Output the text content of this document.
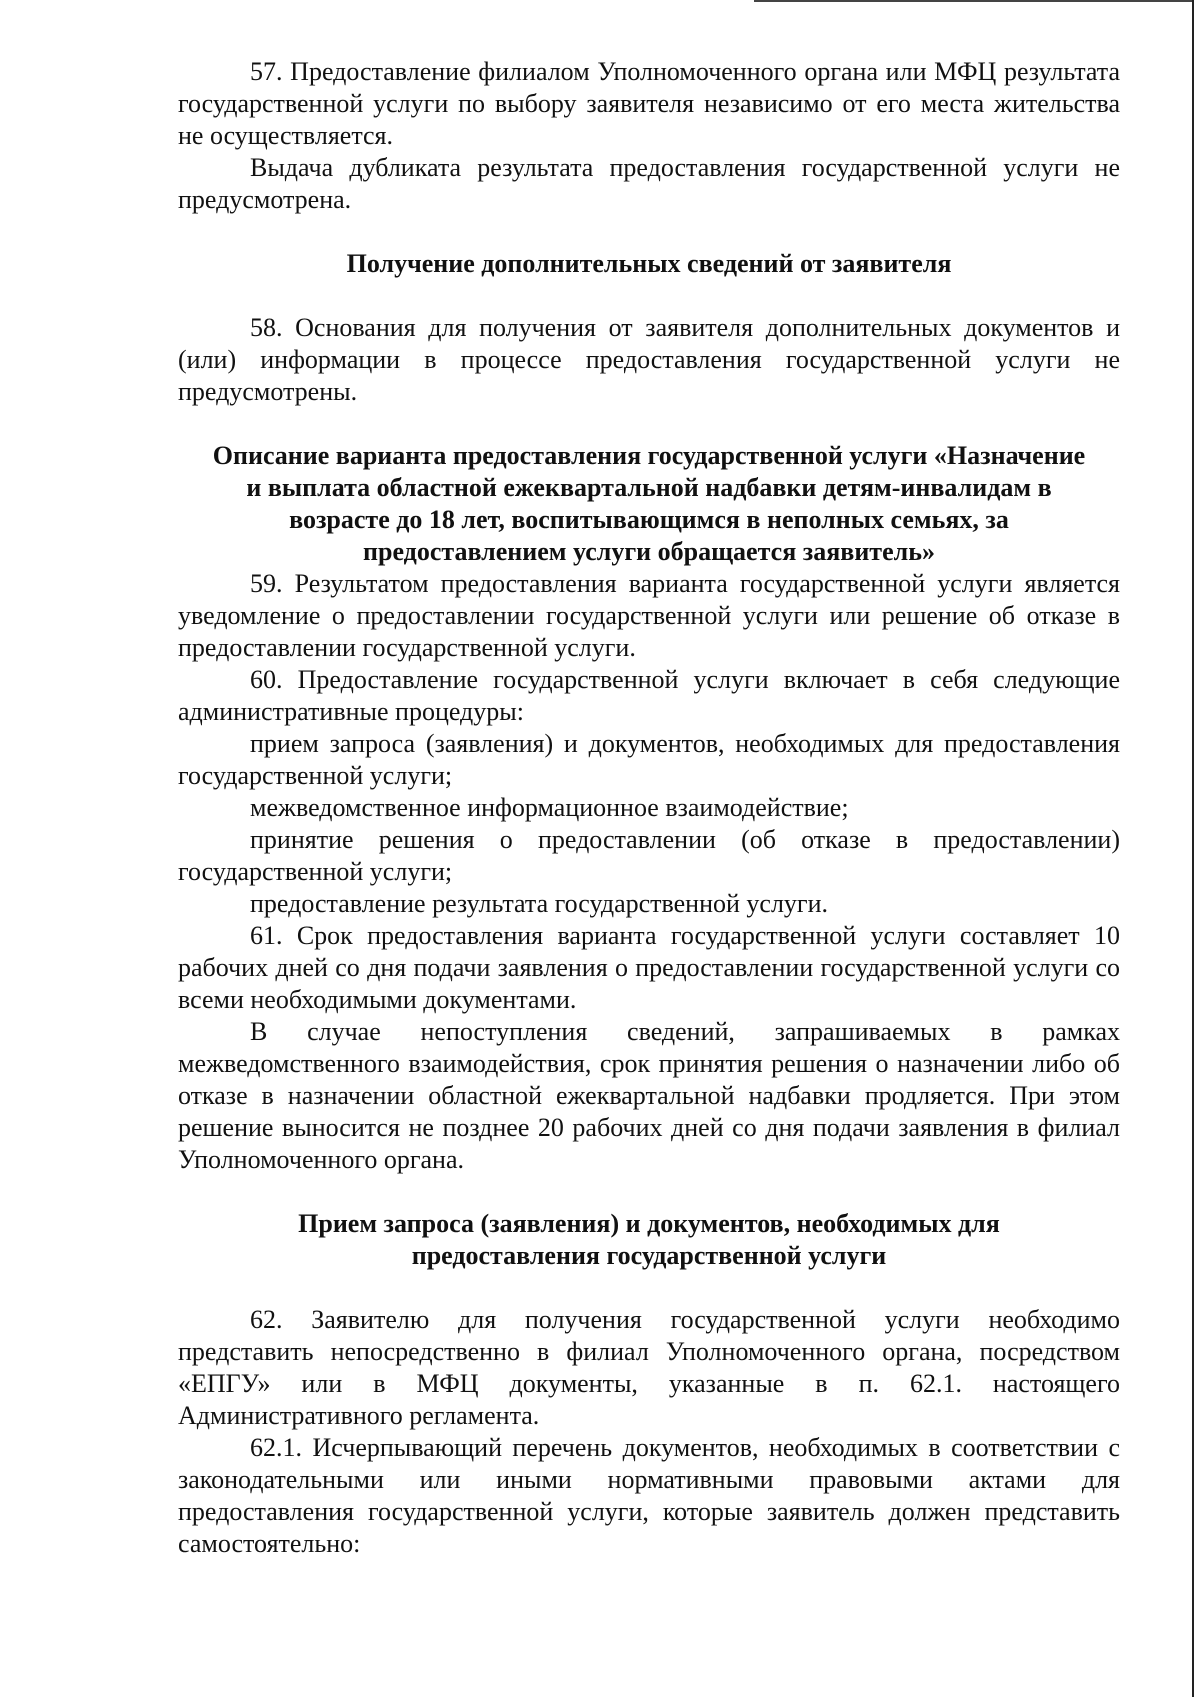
57. Предоставление филиалом Уполномоченного органа или МФЦ результата государственной услуги по выбору заявителя независимо от его места жительства не осуществляется.

Выдача дубликата результата предоставления государственной услуги не предусмотрена.

Получение дополнительных сведений от заявителя

58. Основания для получения от заявителя дополнительных документов и (или) информации в процессе предоставления государственной услуги не предусмотрены.

Описание варианта предоставления государственной услуги «Назначение и выплата областной ежеквартальной надбавки детям-инвалидам в возрасте до 18 лет, воспитывающимся в неполных семьях, за предоставлением услуги обращается заявитель»

59. Результатом предоставления варианта государственной услуги является уведомление о предоставлении государственной услуги или решение об отказе в предоставлении государственной услуги.

60. Предоставление государственной услуги включает в себя следующие административные процедуры:

прием запроса (заявления) и документов, необходимых для предоставления государственной услуги;

межведомственное информационное взаимодействие;

принятие решения о предоставлении (об отказе в предоставлении) государственной услуги;

предоставление результата государственной услуги.

61. Срок предоставления варианта государственной услуги составляет 10 рабочих дней со дня подачи заявления о предоставлении государственной услуги со всеми необходимыми документами.

В случае непоступления сведений, запрашиваемых в рамках межведомственного взаимодействия, срок принятия решения о назначении либо об отказе в назначении областной ежеквартальной надбавки продляется. При этом решение выносится не позднее 20 рабочих дней со дня подачи заявления в филиал Уполномоченного органа.

Прием запроса (заявления) и документов, необходимых для предоставления государственной услуги

62. Заявителю для получения государственной услуги необходимо представить непосредственно в филиал Уполномоченного органа, посредством «ЕПГУ» или в МФЦ документы, указанные в п. 62.1. настоящего Административного регламента.

62.1. Исчерпывающий перечень документов, необходимых в соответствии с законодательными или иными нормативными правовыми актами для предоставления государственной услуги, которые заявитель должен представить самостоятельно:
